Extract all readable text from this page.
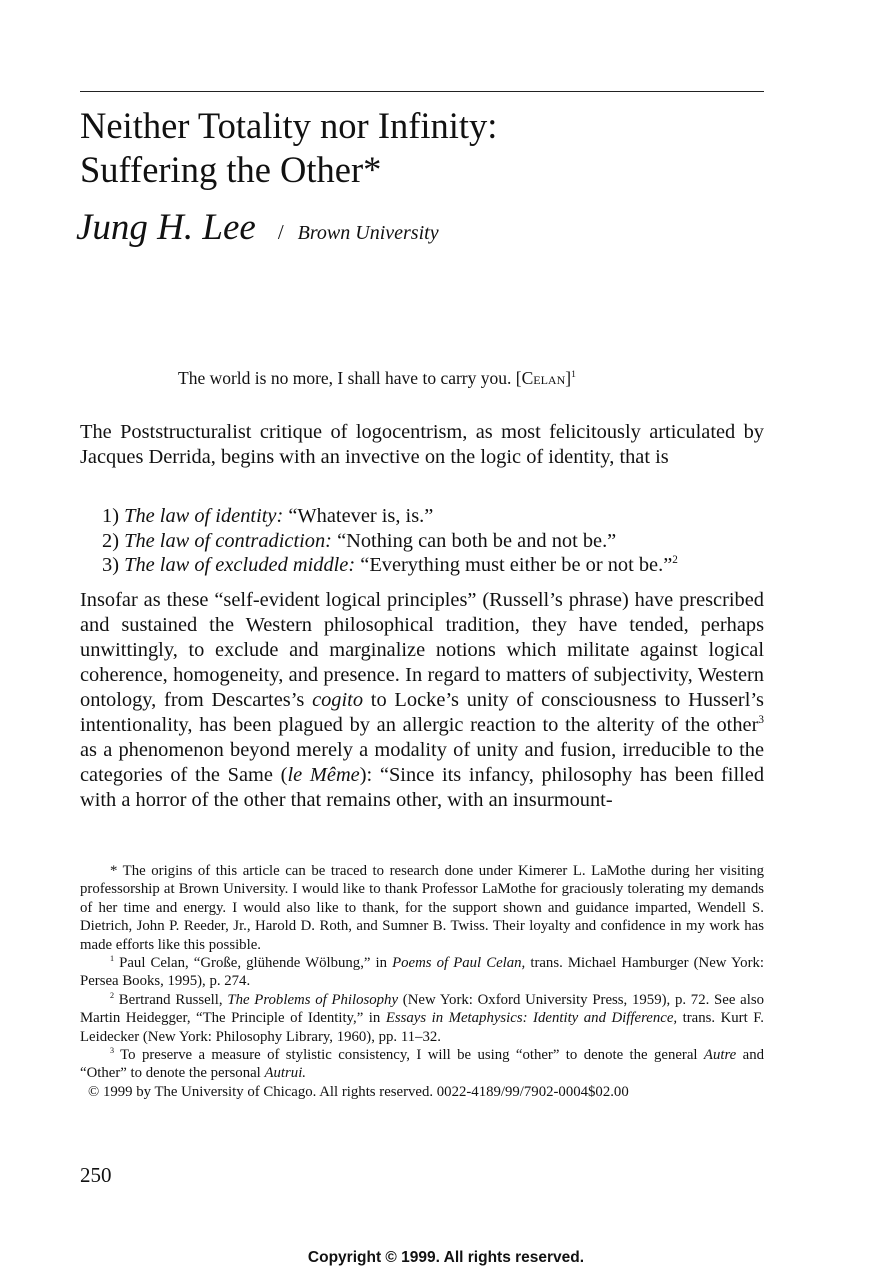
Neither Totality nor Infinity:
Suffering the Other*
Jung H. Lee / Brown University
The world is no more, I shall have to carry you. [Celan]$^1$

The Poststructuralist critique of logocentrism, as most felicitously articulated by Jacques Derrida, begins with an invective on the logic of identity, that is

1) The law of identity: “Whatever is, is.”
2) The law of contradiction: “Nothing can both be and not be.”
3) The law of excluded middle: “Everything must either be or not be.”$^2$

Insofar as these “self-evident logical principles” (Russell’s phrase) have prescribed and sustained the Western philosophical tradition, they have tended, perhaps unwittingly, to exclude and marginalize notions which militate against logical coherence, homogeneity, and presence. In regard to matters of subjectivity, Western ontology, from Descartes’s cogito to Locke’s unity of consciousness to Husserl’s intentionality, has been plagued by an allergic reaction to the alterity of the other$^3$ as a phenomenon beyond merely a modality of unity and fusion, irreducible to the categories of the Same (le Même): “Since its infancy, philosophy has been filled with a horror of the other that remains other, with an insurmount-

* The origins of this article can be traced to research done under Kimerer L. LaMothe during her visiting professorship at Brown University. I would like to thank Professor LaMothe for graciously tolerating my demands of her time and energy. I would also like to thank, for the support shown and guidance imparted, Wendell S. Dietrich, John P. Reeder, Jr., Harold D. Roth, and Sumner B. Twiss. Their loyalty and confidence in my work has made efforts like this possible.

$^1$ Paul Celan, “Große, glühende Wölbung,” in Poems of Paul Celan, trans. Michael Hamburger (New York: Persea Books, 1995), p. 274.

$^2$ Bertrand Russell, The Problems of Philosophy (New York: Oxford University Press, 1959), p. 72. See also Martin Heidegger, “The Principle of Identity,” in Essays in Metaphysics: Identity and Difference, trans. Kurt F. Leidecker (New York: Philosophy Library, 1960), pp. 11–32.

$^3$ To preserve a measure of stylistic consistency, I will be using “other” to denote the general Autre and “Other” to denote the personal Autrui.

© 1999 by The University of Chicago. All rights reserved. 0022-4189/99/7902-0004$02.00

250
Copyright © 1999. All rights reserved.
